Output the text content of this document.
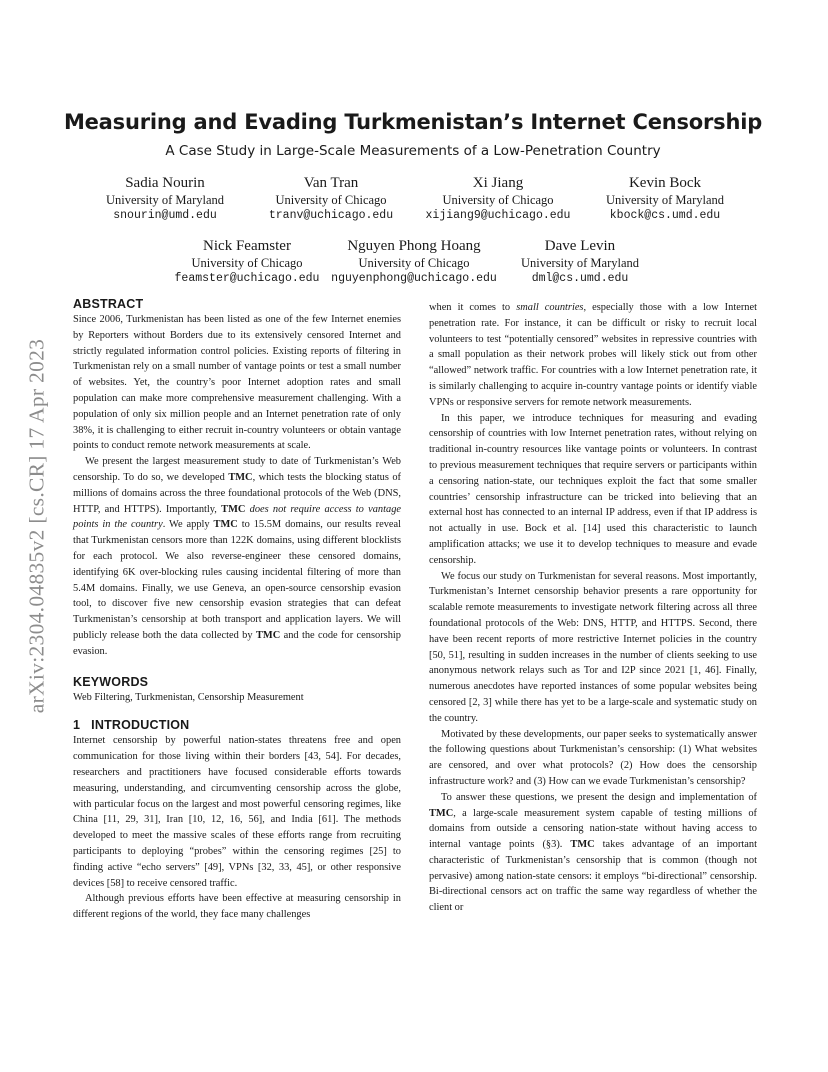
arXiv:2304.04835v2 [cs.CR] 17 Apr 2023
Measuring and Evading Turkmenistan’s Internet Censorship
A Case Study in Large-Scale Measurements of a Low-Penetration Country
Sadia Nourin
University of Maryland
snourin@umd.edu
Van Tran
University of Chicago
tranv@uchicago.edu
Xi Jiang
University of Chicago
xijiang9@uchicago.edu
Kevin Bock
University of Maryland
kbock@cs.umd.edu
Nick Feamster
University of Chicago
feamster@uchicago.edu
Nguyen Phong Hoang
University of Chicago
nguyenphong@uchicago.edu
Dave Levin
University of Maryland
dml@cs.umd.edu
ABSTRACT

Since 2006, Turkmenistan has been listed as one of the few Internet enemies by Reporters without Borders due to its extensively censored Internet and strictly regulated information control policies. Existing reports of filtering in Turkmenistan rely on a small number of vantage points or test a small number of websites. Yet, the country’s poor Internet adoption rates and small population can make more comprehensive measurement challenging. With a population of only six million people and an Internet penetration rate of only 38%, it is challenging to either recruit in-country volunteers or obtain vantage points to conduct remote network measurements at scale.

We present the largest measurement study to date of Turkmenistan’s Web censorship. To do so, we developed TMC, which tests the blocking status of millions of domains across the three foundational protocols of the Web (DNS, HTTP, and HTTPS). Importantly, TMC does not require access to vantage points in the country. We apply TMC to 15.5M domains, our results reveal that Turkmenistan censors more than 122K domains, using different blocklists for each protocol. We also reverse-engineer these censored domains, identifying 6K over-blocking rules causing incidental filtering of more than 5.4M domains. Finally, we use Geneva, an open-source censorship evasion tool, to discover five new censorship evasion strategies that can defeat Turkmenistan’s censorship at both transport and application layers. We will publicly release both the data collected by TMC and the code for censorship evasion.

KEYWORDS

Web Filtering, Turkmenistan, Censorship Measurement

1   INTRODUCTION

Internet censorship by powerful nation-states threatens free and open communication for those living within their borders [43, 54]. For decades, researchers and practitioners have focused considerable efforts towards measuring, understanding, and circumventing censorship across the globe, with particular focus on the largest and most powerful censoring regimes, like China [11, 29, 31], Iran [10, 12, 16, 56], and India [61]. The methods developed to meet the massive scales of these efforts range from recruiting participants to deploying “probes” within the censoring regimes [25] to finding active “echo servers” [49], VPNs [32, 33, 45], or other responsive devices [58] to receive censored traffic.

Although previous efforts have been effective at measuring censorship in different regions of the world, they face many challenges

when it comes to small countries, especially those with a low Internet penetration rate. For instance, it can be difficult or risky to recruit local volunteers to test “potentially censored” websites in repressive countries with a small population as their network probes will likely stick out from other “allowed” network traffic. For countries with a low Internet penetration rate, it is similarly challenging to acquire in-country vantage points or identify viable VPNs or responsive servers for remote network measurements.

In this paper, we introduce techniques for measuring and evading censorship of countries with low Internet penetration rates, without relying on traditional in-country resources like vantage points or volunteers. In contrast to previous measurement techniques that require servers or participants within a censoring nation-state, our techniques exploit the fact that some smaller countries’ censorship infrastructure can be tricked into believing that an external host has connected to an internal IP address, even if that IP address is not actually in use. Bock et al. [14] used this characteristic to launch amplification attacks; we use it to develop techniques to measure and evade censorship.

We focus our study on Turkmenistan for several reasons. Most importantly, Turkmenistan’s Internet censorship behavior presents a rare opportunity for scalable remote measurements to investigate network filtering across all three foundational protocols of the Web: DNS, HTTP, and HTTPS. Second, there have been recent reports of more restrictive Internet policies in the country [50, 51], resulting in sudden increases in the number of clients seeking to use anonymous network relays such as Tor and I2P since 2021 [1, 46]. Finally, numerous anecdotes have reported instances of some popular websites being censored [2, 3] while there has yet to be a large-scale and systematic study on the country.

Motivated by these developments, our paper seeks to systematically answer the following questions about Turkmenistan’s censorship: (1) What websites are censored, and over what protocols? (2) How does the censorship infrastructure work? and (3) How can we evade Turkmenistan’s censorship?

To answer these questions, we present the design and implementation of TMC, a large-scale measurement system capable of testing millions of domains from outside a censoring nation-state without having access to internal vantage points (§3). TMC takes advantage of an important characteristic of Turkmenistan’s censorship that is common (though not pervasive) among nation-state censors: it employs “bi-directional” censorship. Bi-directional censors act on traffic the same way regardless of whether the client or
